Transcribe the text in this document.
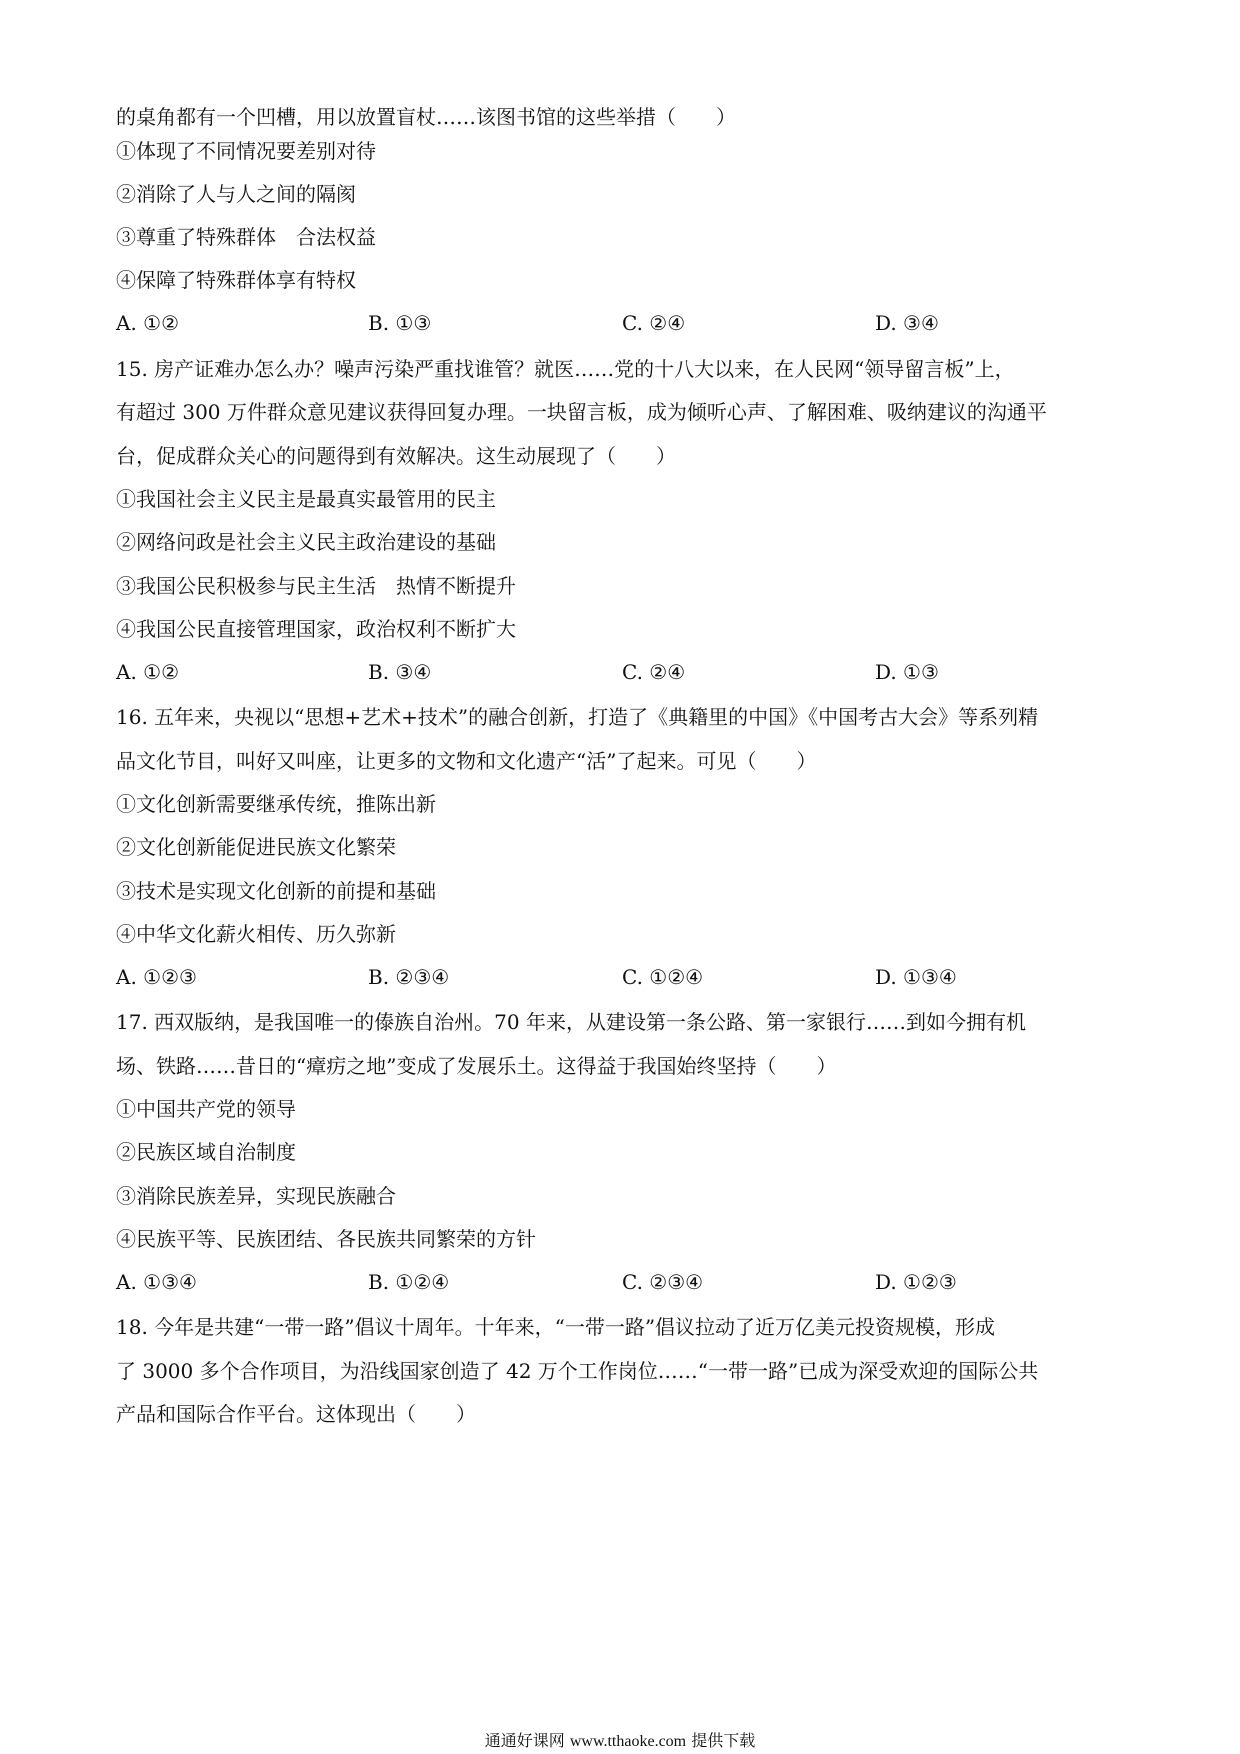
的桌角都有一个凹槽，用以放置盲杖……该图书馆的这些举措（　　）
①体现了不同情况要差别对待
②消除了人与人之间的隔阂
③尊重了特殊群体　合法权益
④保障了特殊群体享有特权
A. ①②	B. ①③	C. ②④	D. ③④
15. 房产证难办怎么办？噪声污染严重找谁管？就医……党的十八大以来，在人民网“领导留言板”上，
有超过 300 万件群众意见建议获得回复办理。一块留言板，成为倾听心声、了解困难、吸纳建议的沟通平
台，促成群众关心的问题得到有效解决。这生动展现了（　　）
①我国社会主义民主是最真实最管用的民主
②网络问政是社会主义民主政治建设的基础
③我国公民积极参与民主生活　热情不断提升
④我国公民直接管理国家，政治权利不断扩大
A. ①②	B. ③④	C. ②④	D. ①③
16. 五年来，央视以“思想+艺术+技术”的融合创新，打造了《典籍里的中国》《中国考古大会》等系列精
品文化节目，叫好又叫座，让更多的文物和文化遗产“活”了起来。可见（　　）
①文化创新需要继承传统，推陈出新
②文化创新能促进民族文化繁荣
③技术是实现文化创新的前提和基础
④中华文化薪火相传、历久弥新
A. ①②③	B. ②③④	C. ①②④	D. ①③④
17. 西双版纳，是我国唯一的傣族自治州。70 年来，从建设第一条公路、第一家银行……到如今拥有机
场、铁路……昔日的“瘴疠之地”变成了发展乐土。这得益于我国始终坚持（　　）
①中国共产党的领导
②民族区域自治制度
③消除民族差异，实现民族融合
④民族平等、民族团结、各民族共同繁荣的方针
A. ①③④	B. ①②④	C. ②③④	D. ①②③
18. 今年是共建“一带一路”倡议十周年。十年来，“一带一路”倡议拉动了近万亿美元投资规模，形成
了 3000 多个合作项目，为沿线国家创造了 42 万个工作岗位……“一带一路”已成为深受欢迎的国际公共
产品和国际合作平台。这体现出（　　）
通通好课网 www.tthaoke.com 提供下载
